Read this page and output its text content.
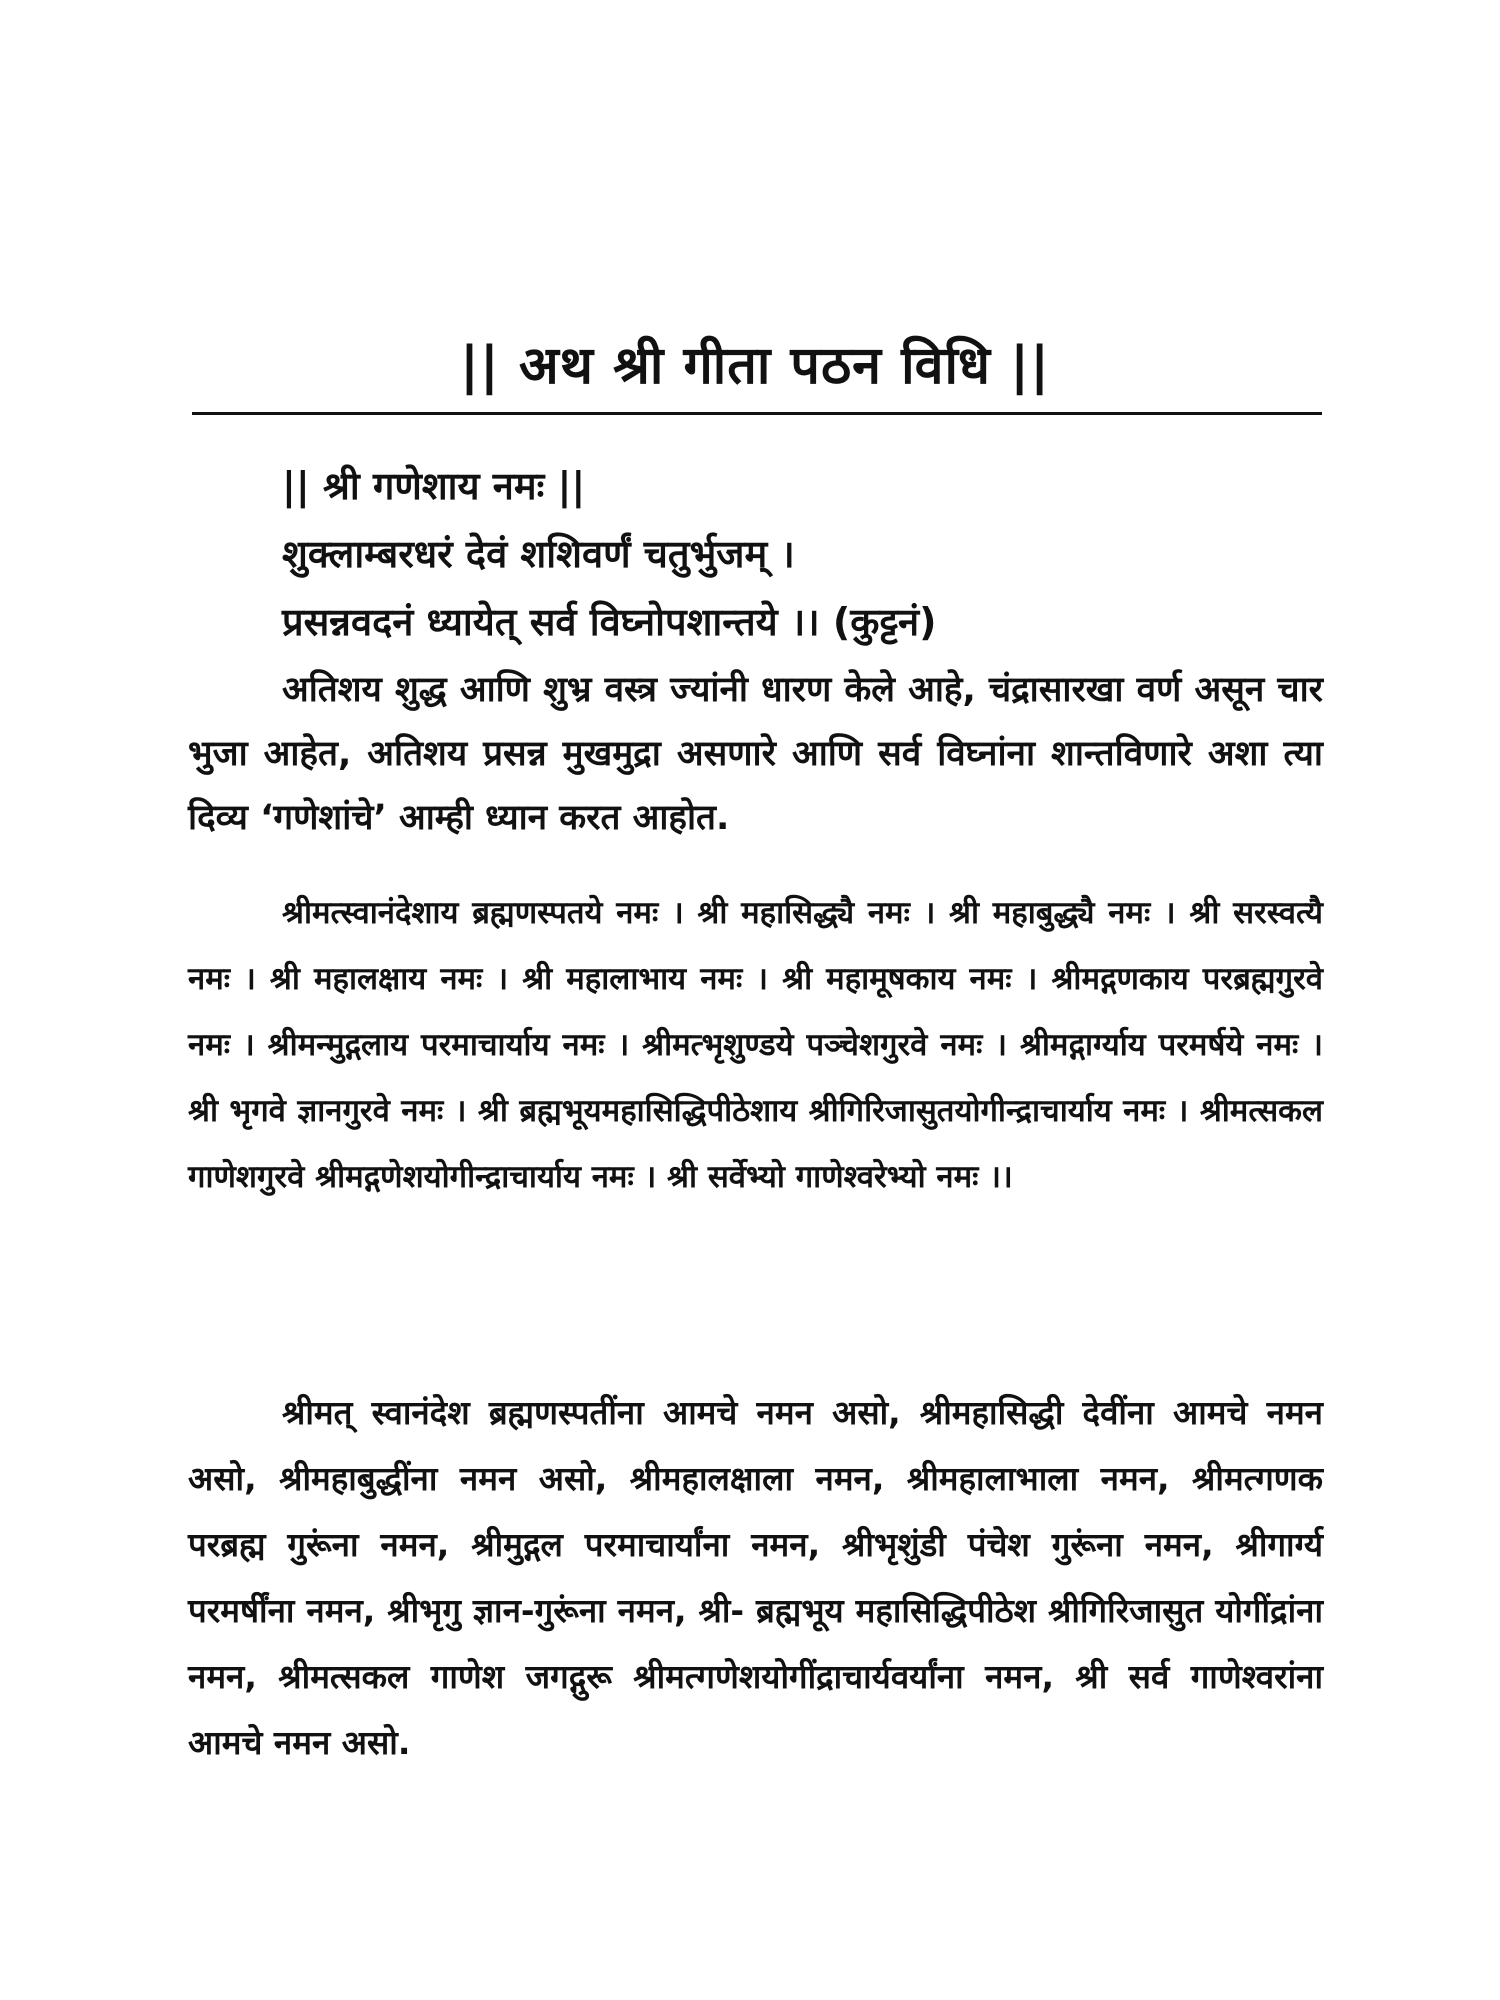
|| अथ श्री गीता पठन विधि ||
|| श्री गणेशाय नमः ||
शुक्लाम्बरधरं देवं शशिवर्णं चतुर्भुजम् ।
प्रसन्नवदनं ध्यायेत् सर्व विघ्नोपशान्तये ।। (कुट्टनं)

अतिशय शुद्ध आणि शुभ्र वस्त्र ज्यांनी धारण केले आहे, चंद्रासारखा वर्ण असून चार भुजा आहेत, अतिशय प्रसन्न मुखमुद्रा असणारे आणि सर्व विघ्नांना शान्तविणारे अशा त्या दिव्य ‘गणेशांचे’ आम्ही ध्यान करत आहोत.

श्रीमत्स्वानंदेशाय ब्रह्मणस्पतये नमः । श्री महासिद्ध्यै नमः । श्री महाबुद्ध्यै नमः । श्री सरस्वत्यै नमः । श्री महालक्षाय नमः । श्री महालाभाय नमः । श्री महामूषकाय नमः । श्रीमद्गणकाय परब्रह्मगुरवे नमः । श्रीमन्मुद्गलाय परमाचार्याय नमः । श्रीमत्भृशुण्डये पञ्चेशगुरवे नमः । श्रीमद्गार्ग्याय परमर्षये नमः । श्री भृगवे ज्ञानगुरवे नमः । श्री ब्रह्मभूयमहासिद्धिपीठेशाय श्रीगिरिजासुतयोगीन्द्राचार्याय नमः । श्रीमत्सकल गाणेशगुरवे श्रीमद्गणेशयोगीन्द्राचार्याय नमः । श्री सर्वेभ्यो गाणेश्वरेभ्यो नमः ।।

श्रीमत् स्वानंदेश ब्रह्मणस्पतींना आमचे नमन असो, श्रीमहासिद्धी देवींना आमचे नमन असो, श्रीमहाबुद्धींना नमन असो, श्रीमहालक्षाला नमन, श्रीमहालाभाला नमन, श्रीमत्गणक परब्रह्म गुरूंना नमन, श्रीमुद्गल परमाचार्यांना नमन, श्रीभृशुंडी पंचेश गुरूंना नमन, श्रीगार्ग्य परमर्षींना नमन, श्रीभृगु ज्ञान-गुरूंना नमन, श्री- ब्रह्मभूय महासिद्धिपीठेश श्रीगिरिजासुत योगींद्रांना नमन, श्रीमत्सकल गाणेश जगद्गुरू श्रीमत्गणेशयोगींद्राचार्यवर्यांना नमन, श्री सर्व गाणेश्वरांना आमचे नमन असो.
